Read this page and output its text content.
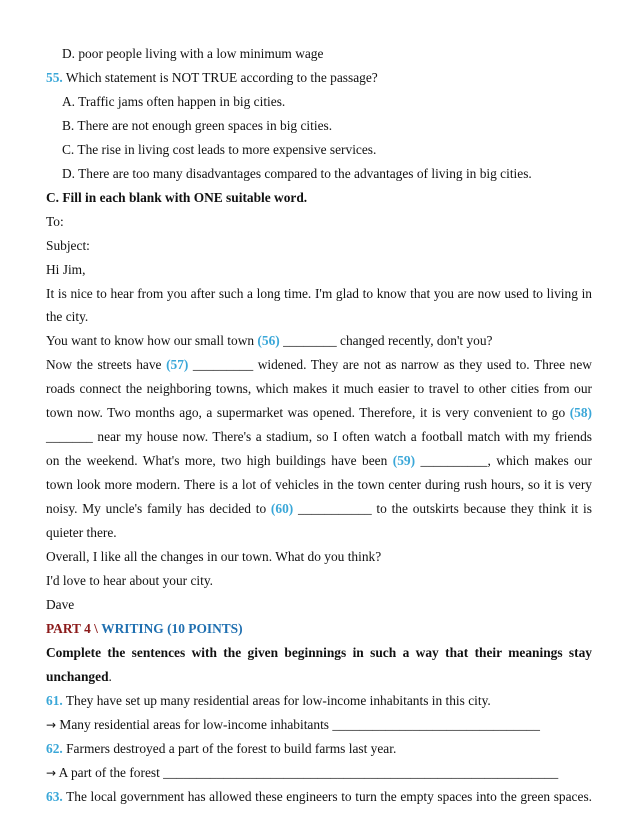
D. poor people living with a low minimum wage
55. Which statement is NOT TRUE according to the passage?
A. Traffic jams often happen in big cities.
B. There are not enough green spaces in big cities.
C. The rise in living cost leads to more expensive services.
D. There are too many disadvantages compared to the advantages of living in big cities.
C. Fill in each blank with ONE suitable word.
To:
Subject:
Hi Jim,
It is nice to hear from you after such a long time. I'm glad to know that you are now used to living in
the city.
You want to know how our small town (56) ________ changed recently, don't you?
Now the streets have (57) _________ widened. They are not as narrow as they used to. Three new
roads connect the neighboring towns, which makes it much easier to travel to other cities from our
town now. Two months ago, a supermarket was opened. Therefore, it is very convenient to go (58)
_______ near my house now. There's a stadium, so I often watch a football match with my friends
on the weekend. What's more, two high buildings have been (59) __________, which makes our
town look more modern. There is a lot of vehicles in the town center during rush hours, so it is very
noisy. My uncle's family has decided to (60) ___________ to the outskirts because they think it is
quieter there.
Overall, I like all the changes in our town. What do you think?
I'd love to hear about your city.
Dave
PART 4 \ WRITING (10 POINTS)
Complete the sentences with the given beginnings in such a way that their meanings stay
unchanged.
61. They have set up many residential areas for low-income inhabitants in this city.
→ Many residential areas for low-income inhabitants _______________________________
62. Farmers destroyed a part of the forest to build farms last year.
→ A part of the forest ___________________________________________________________
63. The local government has allowed these engineers to turn the empty spaces into the green spaces.
